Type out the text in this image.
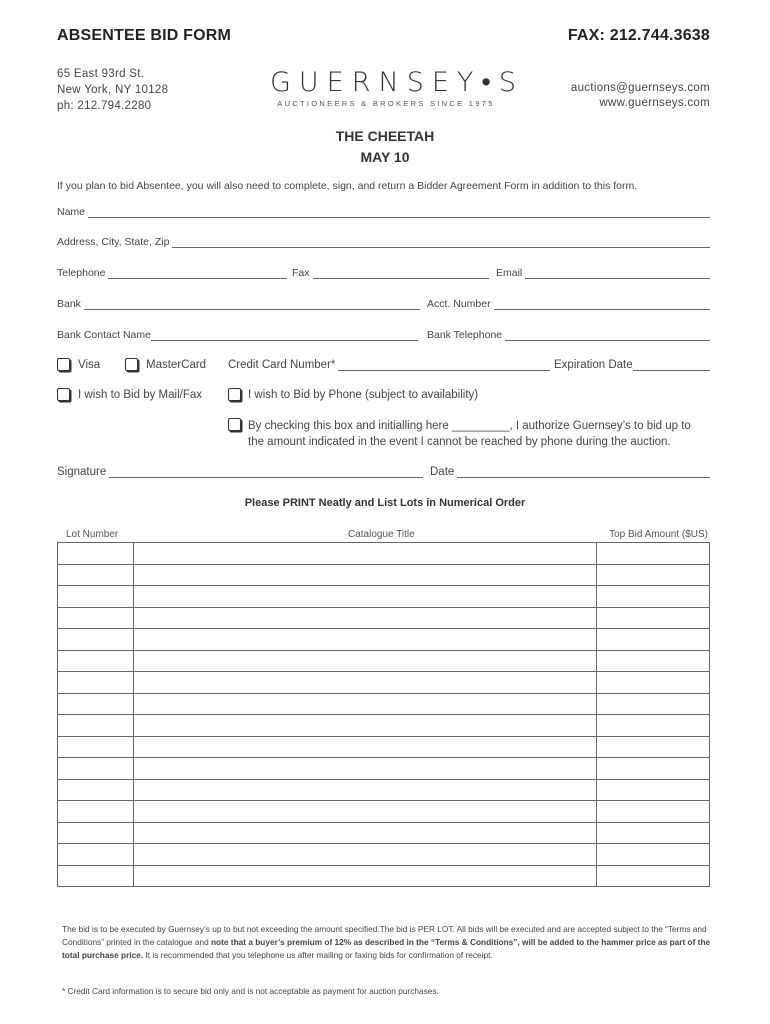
ABSENTEE BID FORM	FAX: 212.744.3638
65 East 93rd St.
New York, NY 10128
ph: 212.794.2280
GUERNSEY•S
AUCTIONEERS & BROKERS SINCE 1975
auctions@guernseys.com
www.guernseys.com
THE CHEETAH
MAY 10
If you plan to bid Absentee, you will also need to complete, sign, and return a Bidder Agreement Form in addition to this form.
Name
Address, City, State, Zip
Telephone	Fax	Email
Bank	Acct. Number
Bank Contact Name	Bank Telephone
Visa	MasterCard Credit Card Number*	Expiration Date
I wish to Bid by Mail/Fax	I wish to Bid by Phone (subject to availability)
By checking this box and initialling here _________, I authorize Guernsey’s to bid up to
the amount indicated in the event I cannot be reached by phone during the auction.
Signature	Date
Please PRINT Neatly and List Lots in Numerical Order
Lot Number	Catalogue Title	Top Bid Amount ($US)

The bid is to be executed by Guernsey’s up to but not exceeding the amount specified.The bid is PER LOT. All bids will be executed and are accepted subject to the “Terms and Conditions” printed in the catalogue and note that a buyer’s premium of 12% as described in the “Terms & Conditions”, will be added to the hammer price as part of the total purchase price. It is recommended that you telephone us after mailing or faxing bids for confirmation of receipt.
* Credit Card information is to secure bid only and is not acceptable as payment for auction purchases.
